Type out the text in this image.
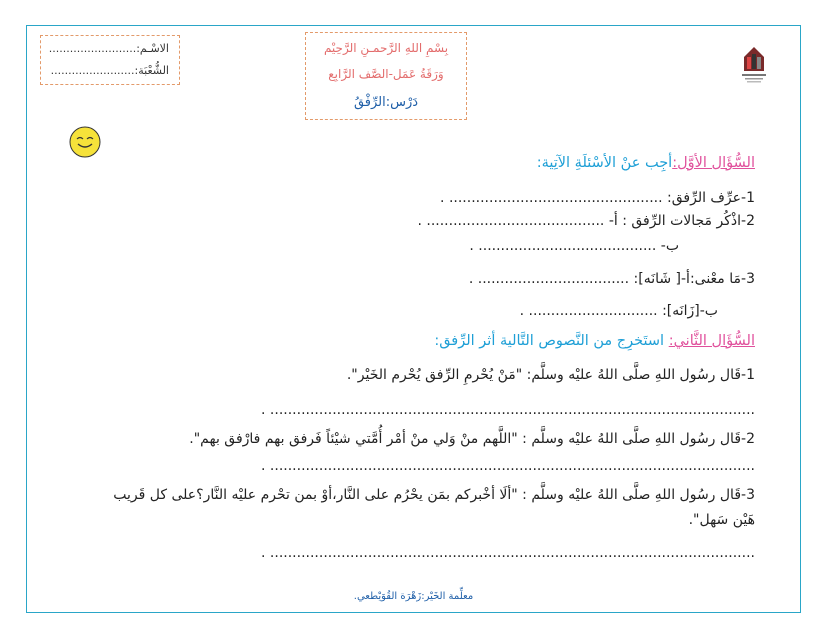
الاسْـم:.........................
الشُّعْبَة:........................
بِسْمِ اللهِ الرَّحمـنِ الرَّحِيْم
وَرَقَةُ عَمَل-الصَّف الرَّابِع
دَرْس:الرِّفْقُ
السُّؤَال الأوَّل:أجِب عنْ الأسْئلَةِ الآتِية:
1-عرِّف الرِّفق: ................................................ .
2-اذْكُر مَجالات الرِّفق : أ- ........................................ .
ب- ........................................ .
3-مَا معْنى:أ-[ شَانَه]: .................................. .
ب-[زَانَه]: ............................. .
السُّؤَال الثَّاني: استَخرِج من النَّصوص التَّالية أثر الرِّفق:
1-قَال رسُول اللهِ صلَّى اللهُ عليْه وسلَّم: "مَنْ يُحْرمِ الرِّفق يُحْرم الخَيْر".
............................................................................................................. .
2-قَال رسُول اللهِ صلَّى اللهُ عليْه وسلَّم : "اللَّهم منْ وَلي منْ أمْر أُمَّتي شيْئاً فَرفق بهم فارْفق بهم".
............................................................................................................. .
3-قَال رسُول اللهِ صلَّى اللهُ عليْه وسلَّم : "ألَا أخْبركم بمَن يحْرُم على النَّار،أوْ بمن تحْرم عليْه النَّار؟على كل قَريب
هَيْن سَهل".
............................................................................................................. .
معلِّمة الخَيْر:زَهْرَة القُوَيْطعي.
